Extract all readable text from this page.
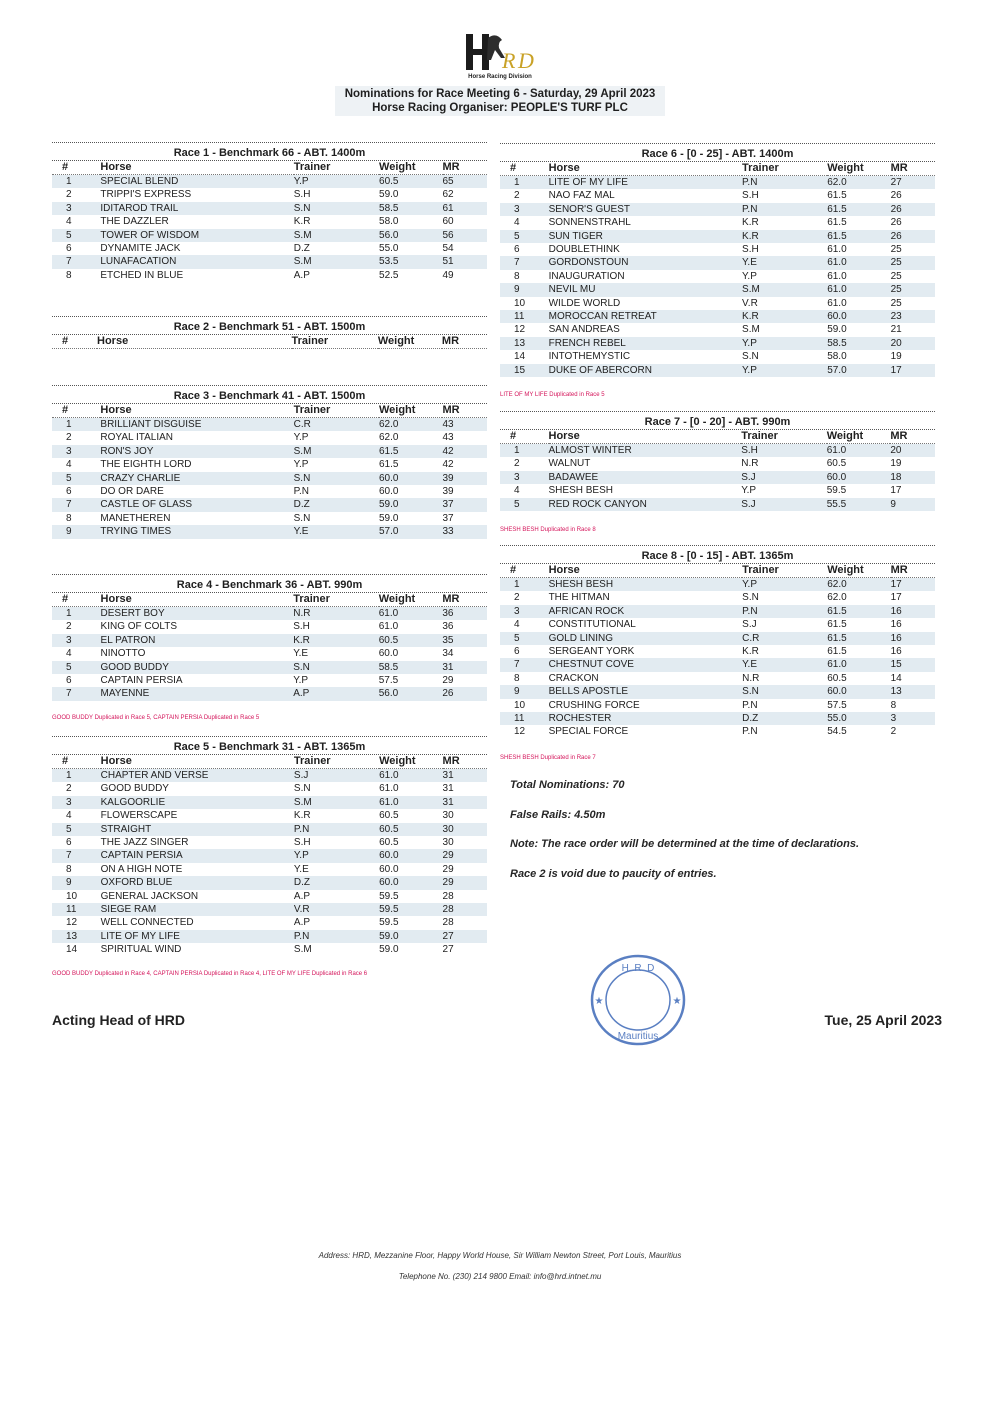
R D
Horse Racing Division
Nominations for Race Meeting 6 - Saturday, 29 April 2023
Horse Racing Organiser: PEOPLE'S TURF PLC
Race 1 - Benchmark 66 - ABT. 1400m
#	Horse	Trainer	Weight	MR
1	SPECIAL BLEND	Y.P	60.5	65
2	TRIPPI'S EXPRESS	S.H	59.0	62
3	IDITAROD TRAIL	S.N	58.5	61
4	THE DAZZLER	K.R	58.0	60
5	TOWER OF WISDOM	S.M	56.0	56
6	DYNAMITE JACK	D.Z	55.0	54
7	LUNAFACATION	S.M	53.5	51
8	ETCHED IN BLUE	A.P	52.5	49
Race 2 - Benchmark 51 - ABT. 1500m
#	Horse	Trainer	Weight	MR
Race 3 - Benchmark 41 - ABT. 1500m
#	Horse	Trainer	Weight	MR
1	BRILLIANT DISGUISE	C.R	62.0	43
2	ROYAL ITALIAN	Y.P	62.0	43
3	RON'S JOY	S.M	61.5	42
4	THE EIGHTH LORD	Y.P	61.5	42
5	CRAZY CHARLIE	S.N	60.0	39
6	DO OR DARE	P.N	60.0	39
7	CASTLE OF GLASS	D.Z	59.0	37
8	MANETHEREN	S.N	59.0	37
9	TRYING TIMES	Y.E	57.0	33
Race 4 - Benchmark 36 - ABT. 990m
#	Horse	Trainer	Weight	MR
1	DESERT BOY	N.R	61.0	36
2	KING OF COLTS	S.H	61.0	36
3	EL PATRON	K.R	60.5	35
4	NINOTTO	Y.E	60.0	34
5	GOOD BUDDY	S.N	58.5	31
6	CAPTAIN PERSIA	Y.P	57.5	29
7	MAYENNE	A.P	56.0	26
GOOD BUDDY Duplicated in Race 5, CAPTAIN PERSIA Duplicated in Race 5
Race 5 - Benchmark 31 - ABT. 1365m
#	Horse	Trainer	Weight	MR
1	CHAPTER AND VERSE	S.J	61.0	31
2	GOOD BUDDY	S.N	61.0	31
3	KALGOORLIE	S.M	61.0	31
4	FLOWERSCAPE	K.R	60.5	30
5	STRAIGHT	P.N	60.5	30
6	THE JAZZ SINGER	S.H	60.5	30
7	CAPTAIN PERSIA	Y.P	60.0	29
8	ON A HIGH NOTE	Y.E	60.0	29
9	OXFORD BLUE	D.Z	60.0	29
10	GENERAL JACKSON	A.P	59.5	28
11	SIEGE RAM	V.R	59.5	28
12	WELL CONNECTED	A.P	59.5	28
13	LITE OF MY LIFE	P.N	59.0	27
14	SPIRITUAL WIND	S.M	59.0	27
GOOD BUDDY Duplicated in Race 4, CAPTAIN PERSIA Duplicated in Race 4, LITE OF MY LIFE Duplicated in Race 6
Race 6 - [0 - 25] - ABT. 1400m
#	Horse	Trainer	Weight	MR
1	LITE OF MY LIFE	P.N	62.0	27
2	NAO FAZ MAL	S.H	61.5	26
3	SENOR'S GUEST	P.N	61.5	26
4	SONNENSTRAHL	K.R	61.5	26
5	SUN TIGER	K.R	61.5	26
6	DOUBLETHINK	S.H	61.0	25
7	GORDONSTOUN	Y.E	61.0	25
8	INAUGURATION	Y.P	61.0	25
9	NEVIL MU	S.M	61.0	25
10	WILDE WORLD	V.R	61.0	25
11	MOROCCAN RETREAT	K.R	60.0	23
12	SAN ANDREAS	S.M	59.0	21
13	FRENCH REBEL	Y.P	58.5	20
14	INTOTHEMYSTIC	S.N	58.0	19
15	DUKE OF ABERCORN	Y.P	57.0	17
LITE OF MY LIFE Duplicated in Race 5
Race 7 - [0 - 20] - ABT. 990m
#	Horse	Trainer	Weight	MR
1	ALMOST WINTER	S.H	61.0	20
2	WALNUT	N.R	60.5	19
3	BADAWEE	S.J	60.0	18
4	SHESH BESH	Y.P	59.5	17
5	RED ROCK CANYON	S.J	55.5	9
SHESH BESH Duplicated in Race 8
Race 8 - [0 - 15] - ABT. 1365m
#	Horse	Trainer	Weight	MR
1	SHESH BESH	Y.P	62.0	17
2	THE HITMAN	S.N	62.0	17
3	AFRICAN ROCK	P.N	61.5	16
4	CONSTITUTIONAL	S.J	61.5	16
5	GOLD LINING	C.R	61.5	16
6	SERGEANT YORK	K.R	61.5	16
7	CHESTNUT COVE	Y.E	61.0	15
8	CRACKON	N.R	60.5	14
9	BELLS APOSTLE	S.N	60.0	13
10	CRUSHING FORCE	P.N	57.5	8
11	ROCHESTER	D.Z	55.0	3
12	SPECIAL FORCE	P.N	54.5	2
SHESH BESH Duplicated in Race 7
Total Nominations: 70
False Rails: 4.50m
Note: The race order will be determined at the time of declarations.
Race 2 is void due to paucity of entries.
H. R. D
Mauritius
★	★
Acting Head of HRD	Tue, 25 April 2023
Address: HRD, Mezzanine Floor, Happy World House, Sir William Newton Street, Port Louis, Mauritius
Telephone No. (230) 214 9800 Email: info@hrd.intnet.mu
